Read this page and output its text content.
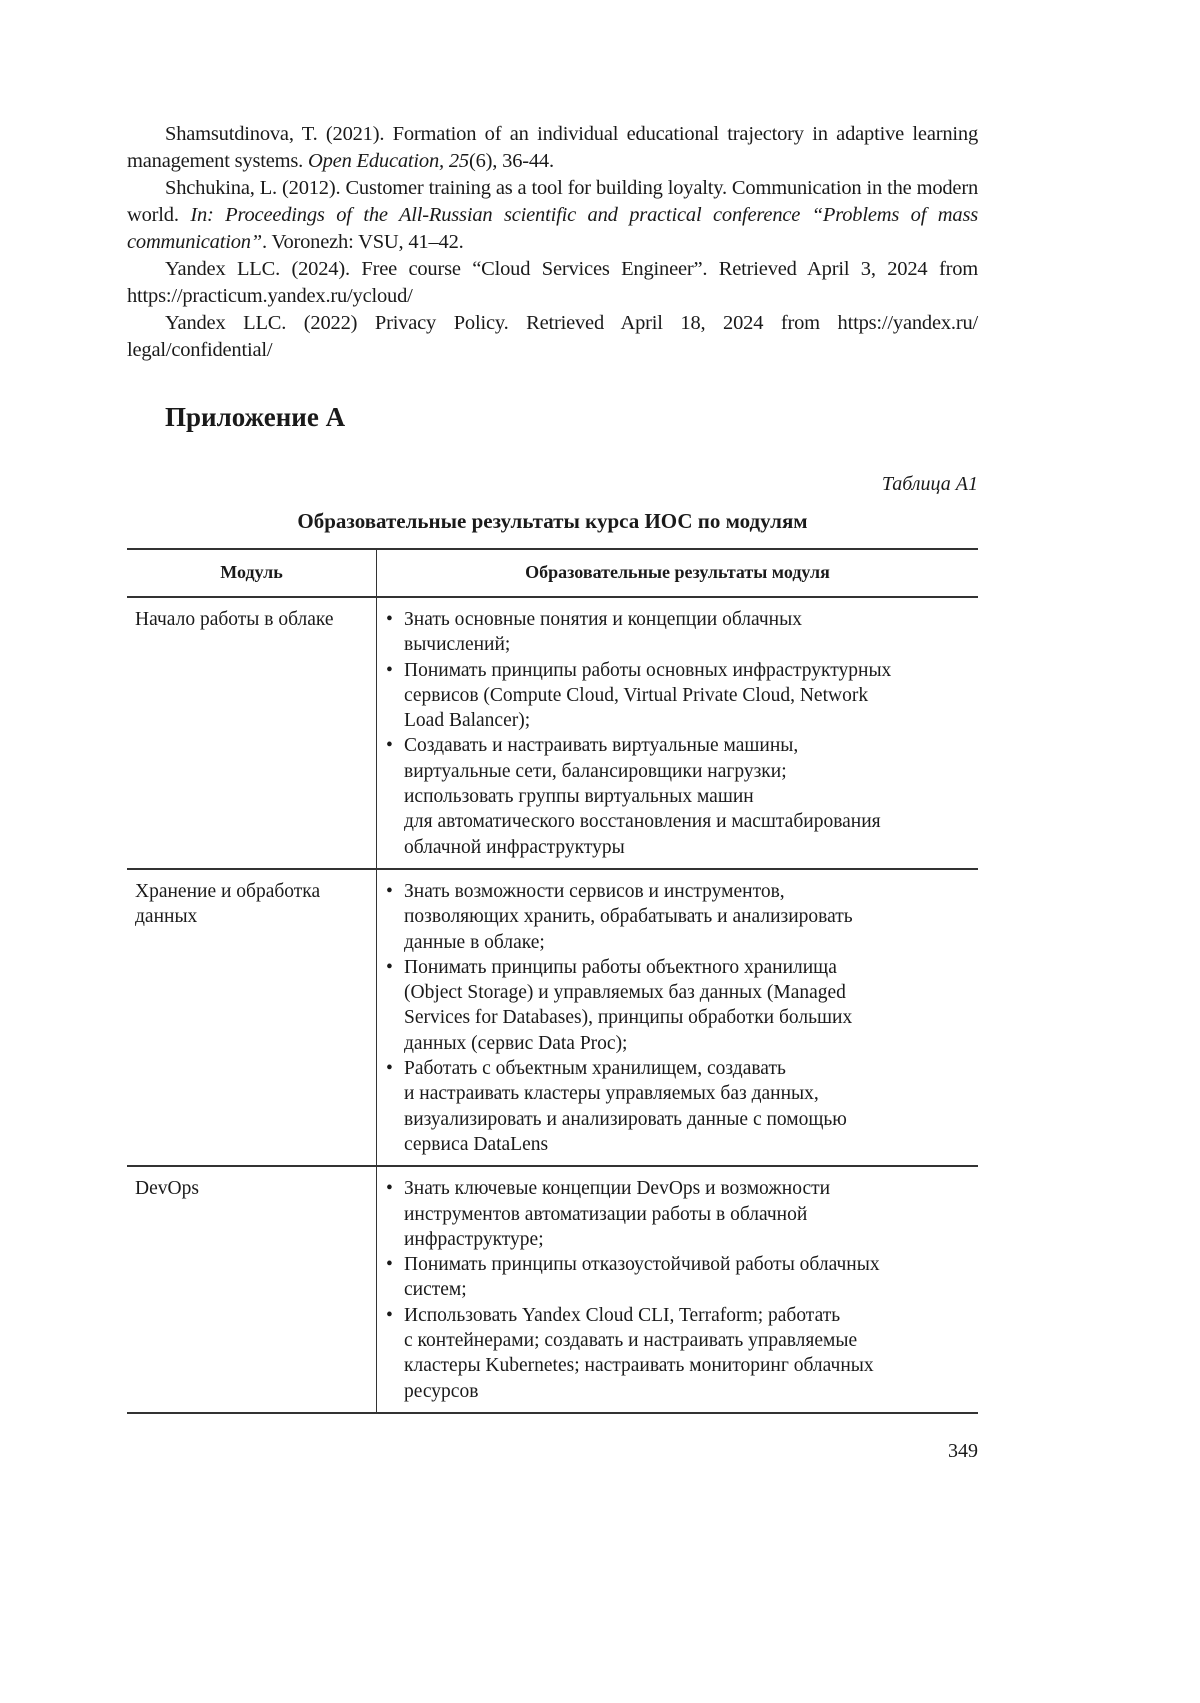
Shamsutdinova, T. (2021). Formation of an individual educational trajectory in adaptive learning management systems. Open Education, 25(6), 36-44.

Shchukina, L. (2012). Customer training as a tool for building loyalty. Communication in the modern world. In: Proceedings of the All-Russian scientific and practical conference “Problems of mass communication”. Voronezh: VSU, 41–42.

Yandex LLC. (2024). Free course “Cloud Services Engineer”. Retrieved April 3, 2024 from https://practicum.yandex.ru/ycloud/

Yandex LLC. (2022) Privacy Policy. Retrieved April 18, 2024 from https://yandex.ru/ legal/confidential/

Приложение А
Таблица А1
Образовательные результаты курса ИОС по модулям
Модуль	Образовательные результаты модуля
Начало работы в облаке	
•Знать основные понятия и концепции облачных
вычислений;
• Понимать принципы работы основных инфраструктурных
сервисов (Compute Cloud, Virtual Private Cloud, Network
Load Balancer);
• Создавать и настраивать виртуальные машины,
виртуальные сети, балансировщики нагрузки;
использовать группы виртуальных машин
для автоматического восстановления и масштабирования
облачной инфраструктуры

Хранение и обработка данных	
• Знать возможности сервисов и инструментов,
позволяющих хранить, обрабатывать и анализировать
данные в облаке;
• Понимать принципы работы объектного хранилища
(Object Storage) и управляемых баз данных (Managed
Services for Databases), принципы обработки больших
данных (сервис Data Proc);
• Работать с объектным хранилищем, создавать
и настраивать кластеры управляемых баз данных,
визуализировать и анализировать данные с помощью
сервиса DataLens

DevOps	
•Знать ключевые концепции DevOps и возможности
инструментов автоматизации работы в облачной
инфраструктуре;
• Понимать принципы отказоустойчивой работы облачных
систем;
• Использовать Yandex Cloud CLI, Terraform; работать
с контейнерами; создавать и настраивать управляемые
кластеры Kubernetes; настраивать мониторинг облачных
ресурсов
349
